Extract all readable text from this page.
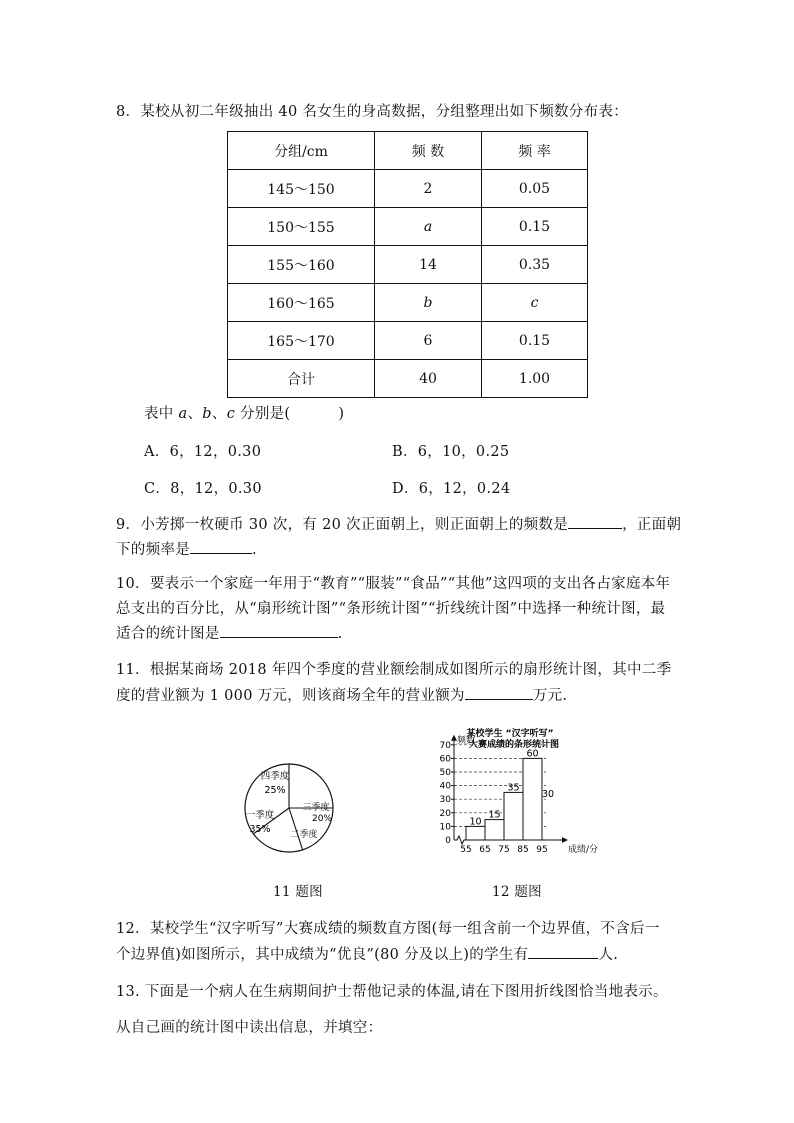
8．某校从初二年级抽出 40 名女生的身高数据，分组整理出如下频数分布表：
分组/cm	频 数	频 率
145～150	2	0.05
150～155	a	0.15
155～160	14	0.35
160～165	b	c
165～170	6	0.15
合计	40	1.00
表中 a、b、c 分别是(	)
A．6，12，0.30	B．6，10，0.25
C．8，12，0.30	D．6，12，0.24
9．小芳掷一枚硬币 30 次，有 20 次正面朝上，则正面朝上的频数是	，正面朝
下的频率是	.
10．要表示一个家庭一年用于“教育”“服装”“食品”“其他”这四项的支出各占家庭本年
总支出的百分比，从“扇形统计图”“条形统计图”“折线统计图”中选择一种统计图，最
适合的统计图是	.
11．根据某商场 2018 年四个季度的营业额绘制成如图所示的扇形统计图，其中二季
度的营业额为 1 000 万元，则该商场全年的营业额为	万元.
四季度
25%
三季度
20%
一季度
35% 二季度
11 题图
某校学生 “汉字听写”
大赛成绩的条形统计图
频数
0
10
20
30
40
50
60
70
55 65 75 85 95 成绩/分
10
15
35
60
30
12 题图
12．某校学生“汉字听写”大赛成绩的频数直方图(每一组含前一个边界值，不含后一
个边界值)如图所示，其中成绩为“优良”(80 分及以上)的学生有	人.
13. 下面是一个病人在生病期间护士帮他记录的体温,请在下图用折线图恰当地表示。
从自己画的统计图中读出信息，并填空：
